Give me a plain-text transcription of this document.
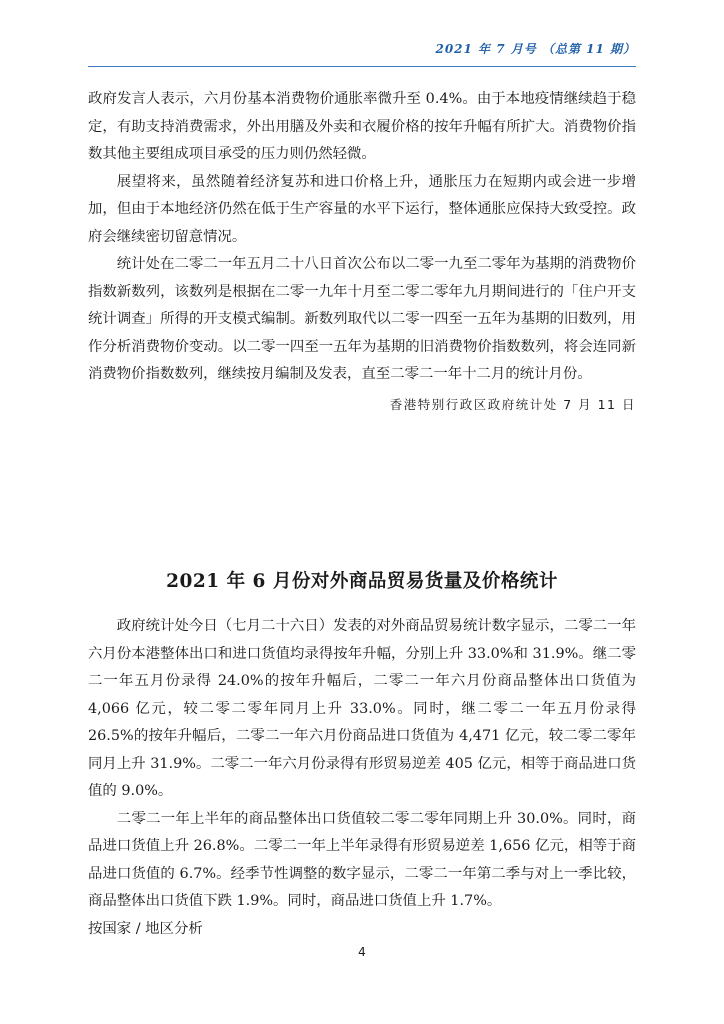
2021 年 7 月号 （总第 11 期）

政府发言人表示，六月份基本消费物价通胀率微升至 0.4%。由于本地疫情继续趋于稳定，有助支持消费需求，外出用膳及外卖和衣履价格的按年升幅有所扩大。消费物价指数其他主要组成项目承受的压力则仍然轻微。

展望将来，虽然随着经济复苏和进口价格上升，通胀压力在短期内或会进一步增加，但由于本地经济仍然在低于生产容量的水平下运行，整体通胀应保持大致受控。政府会继续密切留意情况。

统计处在二零二一年五月二十八日首次公布以二零一九至二零年为基期的消费物价指数新数列，该数列是根据在二零一九年十月至二零二零年九月期间进行的「住户开支统计调查」所得的开支模式编制。新数列取代以二零一四至一五年为基期的旧数列，用作分析消费物价变动。以二零一四至一五年为基期的旧消费物价指数数列，将会连同新消费物价指数数列，继续按月编制及发表，直至二零二一年十二月的统计月份。

香港特别行政区政府统计处 7 月 11 日
2021 年 6 月份对外商品贸易货量及价格统计

政府统计处今日（七月二十六日）发表的对外商品贸易统计数字显示，二零二一年六月份本港整体出口和进口货值均录得按年升幅，分别上升 33.0%和 31.9%。继二零二一年五月份录得 24.0%的按年升幅后，二零二一年六月份商品整体出口货值为 4,066 亿元，较二零二零年同月上升 33.0%。同时，继二零二一年五月份录得 26.5%的按年升幅后，二零二一年六月份商品进口货值为 4,471 亿元，较二零二零年同月上升 31.9%。二零二一年六月份录得有形贸易逆差 405 亿元，相等于商品进口货值的 9.0%。

二零二一年上半年的商品整体出口货值较二零二零年同期上升 30.0%。同时，商品进口货值上升 26.8%。二零二一年上半年录得有形贸易逆差 1,656 亿元，相等于商品进口货值的 6.7%。经季节性调整的数字显示，二零二一年第二季与对上一季比较，商品整体出口货值下跌 1.9%。同时，商品进口货值上升 1.7%。

按国家 / 地区分析

4
